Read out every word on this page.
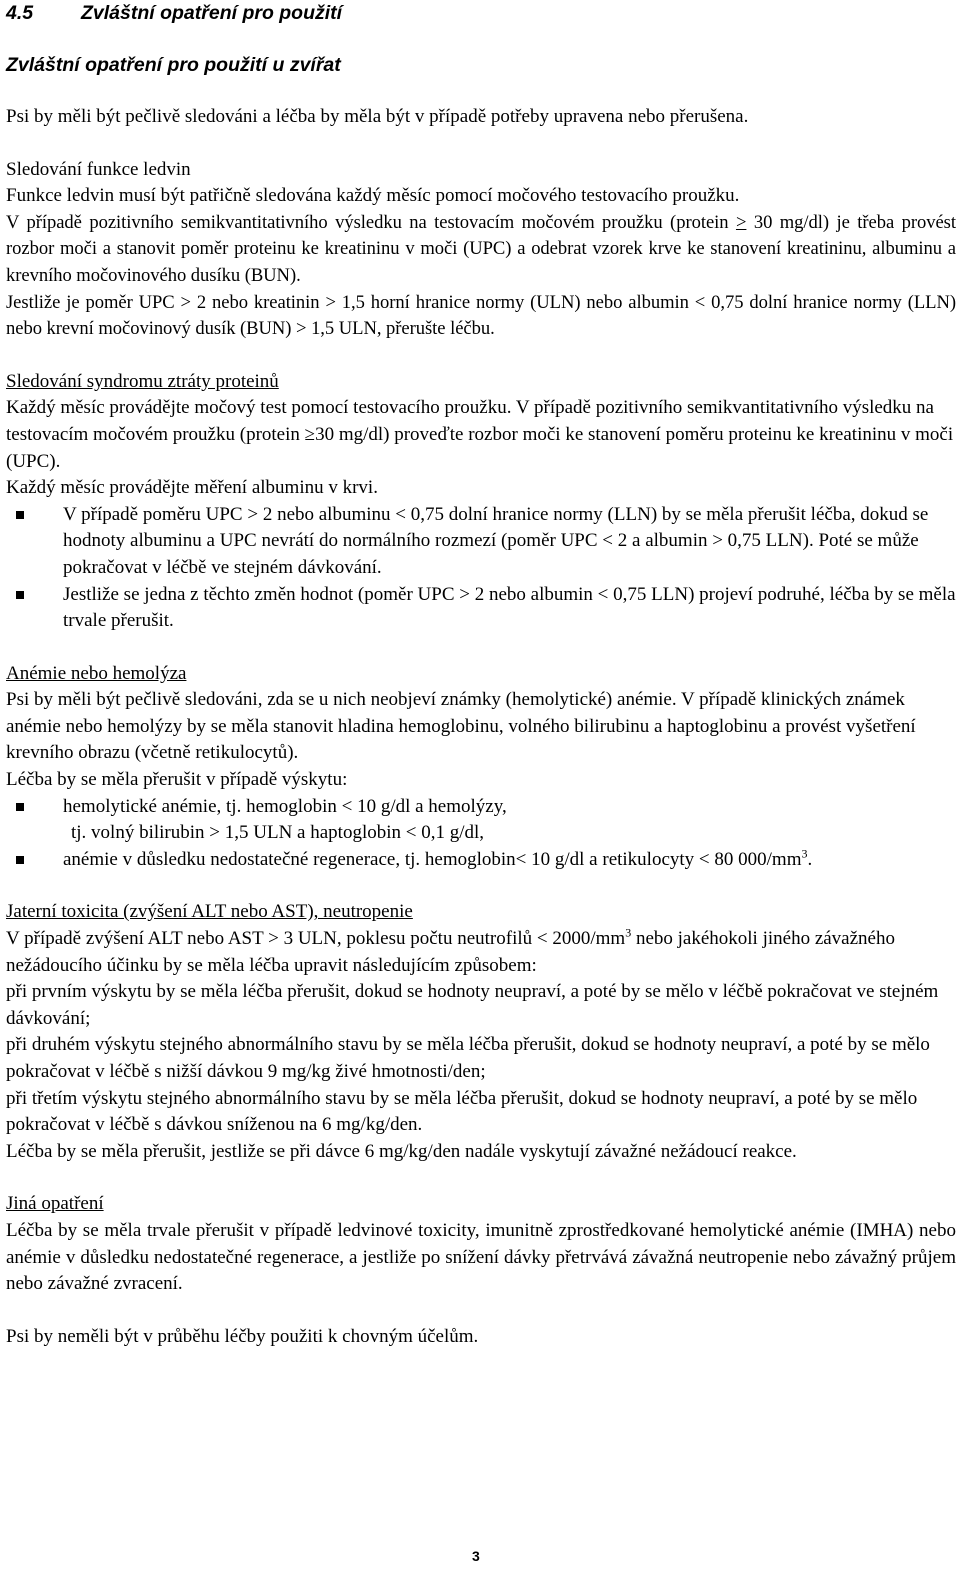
4.5	Zvláštní opatření pro použití
Zvláštní opatření pro použití u zvířat

Psi by měli být pečlivě sledováni a léčba by měla být v případě potřeby upravena nebo přerušena.

Sledování funkce ledvin
Funkce ledvin musí být patřičně sledována každý měsíc pomocí močového testovacího proužku.
V případě pozitivního semikvantitativního výsledku na testovacím močovém proužku (protein ≥ 30 mg/dl) je třeba provést rozbor moči a stanovit poměr proteinu ke kreatininu v moči (UPC) a odebrat vzorek krve ke stanovení kreatininu, albuminu a krevního močovinového dusíku (BUN).
Jestliže je poměr UPC > 2 nebo kreatinin > 1,5 horní hranice normy (ULN) nebo albumin < 0,75 dolní hranice normy (LLN) nebo krevní močovinový dusík (BUN) > 1,5 ULN, přerušte léčbu.
Sledování syndromu ztráty proteinů
Každý měsíc provádějte močový test pomocí testovacího proužku. V případě pozitivního semikvantitativního výsledku na testovacím močovém proužku (protein ≥30 mg/dl) proveďte rozbor moči ke stanovení poměru proteinu ke kreatininu v moči (UPC).
Každý měsíc provádějte měření albuminu v krvi.
V případě poměru UPC > 2 nebo albuminu < 0,75 dolní hranice normy (LLN) by se měla přerušit léčba, dokud se hodnoty albuminu a UPC nevrátí do normálního rozmezí (poměr UPC < 2 a albumin > 0,75 LLN). Poté se může pokračovat v léčbě ve stejném dávkování.
Jestliže se jedna z těchto změn hodnot (poměr UPC > 2 nebo albumin < 0,75 LLN) projeví podruhé, léčba by se měla trvale přerušit.
Anémie nebo hemolýza
Psi by měli být pečlivě sledováni, zda se u nich neobjeví známky (hemolytické) anémie. V případě klinických známek anémie nebo hemolýzy by se měla stanovit hladina hemoglobinu, volného bilirubinu a haptoglobinu a provést vyšetření krevního obrazu (včetně retikulocytů).
Léčba by se měla přerušit v případě výskytu:
hemolytické anémie, tj. hemoglobin < 10 g/dl a hemolýzy,
tj. volný bilirubin > 1,5 ULN a haptoglobin < 0,1 g/dl,
anémie v důsledku nedostatečné regenerace, tj. hemoglobin< 10 g/dl a retikulocyty < 80 $000/mm^3$.
Jaterní toxicita (zvýšení ALT nebo AST), neutropenie
V případě zvýšení ALT nebo AST > 3 ULN, poklesu počtu neutrofilů < $2000/mm^3$ nebo jakéhokoli jiného závažného nežádoucího účinku by se měla léčba upravit následujícím způsobem:
při prvním výskytu by se měla léčba přerušit, dokud se hodnoty neupraví, a poté by se mělo v léčbě pokračovat ve stejném dávkování;
při druhém výskytu stejného abnormálního stavu by se měla léčba přerušit, dokud se hodnoty neupraví, a poté by se mělo pokračovat v léčbě s nižší dávkou 9 mg/kg živé hmotnosti/den;
při třetím výskytu stejného abnormálního stavu by se měla léčba přerušit, dokud se hodnoty neupraví, a poté by se mělo pokračovat v léčbě s dávkou sníženou na 6 mg/kg/den.
Léčba by se měla přerušit, jestliže se při dávce 6 mg/kg/den nadále vyskytují závažné nežádoucí reakce.
Jiná opatření
Léčba by se měla trvale přerušit v případě ledvinové toxicity, imunitně zprostředkované hemolytické anémie (IMHA) nebo anémie v důsledku nedostatečné regenerace, a jestliže po snížení dávky přetrvává závažná neutropenie nebo závažný průjem nebo závažné zvracení.

Psi by neměli být v průběhu léčby použiti k chovným účelům.

3
